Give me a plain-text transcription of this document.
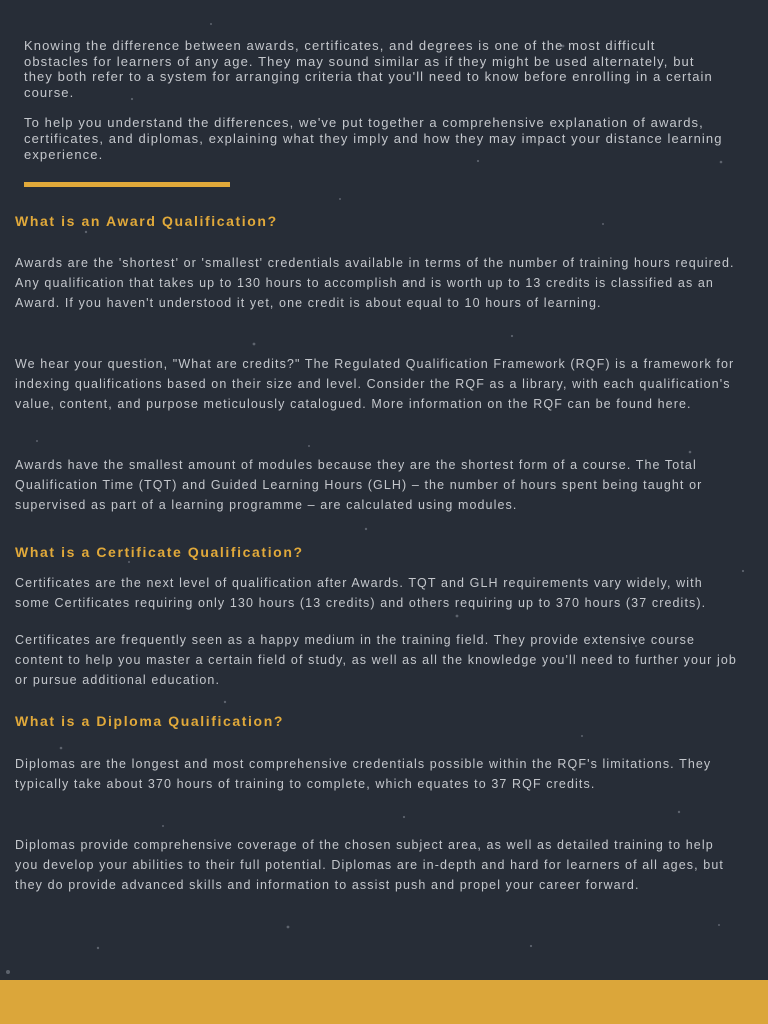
Knowing the difference between awards, certificates, and degrees is one of the most difficult obstacles for learners of any age. They may sound similar as if they might be used alternately, but they both refer to a system for arranging criteria that you'll need to know before enrolling in a certain course.

To help you understand the differences, we've put together a comprehensive explanation of awards, certificates, and diplomas, explaining what they imply and how they may impact your distance learning experience.

What is an Award Qualification?

Awards are the 'shortest' or 'smallest' credentials available in terms of the number of training hours required. Any qualification that takes up to 130 hours to accomplish and is worth up to 13 credits is classified as an Award. If you haven't understood it yet, one credit is about equal to 10 hours of learning.

We hear your question, "What are credits?" The Regulated Qualification Framework (RQF) is a framework for indexing qualifications based on their size and level. Consider the RQF as a library, with each qualification's value, content, and purpose meticulously catalogued. More information on the RQF can be found here.

Awards have the smallest amount of modules because they are the shortest form of a course. The Total Qualification Time (TQT) and Guided Learning Hours (GLH) – the number of hours spent being taught or supervised as part of a learning programme – are calculated using modules.

What is a Certificate Qualification?

Certificates are the next level of qualification after Awards. TQT and GLH requirements vary widely, with some Certificates requiring only 130 hours (13 credits) and others requiring up to 370 hours (37 credits).

Certificates are frequently seen as a happy medium in the training field. They provide extensive course content to help you master a certain field of study, as well as all the knowledge you'll need to further your job or pursue additional education.

What is a Diploma Qualification?

Diplomas are the longest and most comprehensive credentials possible within the RQF's limitations. They typically take about 370 hours of training to complete, which equates to 37 RQF credits.

Diplomas provide comprehensive coverage of the chosen subject area, as well as detailed training to help you develop your abilities to their full potential. Diplomas are in-depth and hard for learners of all ages, but they do provide advanced skills and information to assist push and propel your career forward.
